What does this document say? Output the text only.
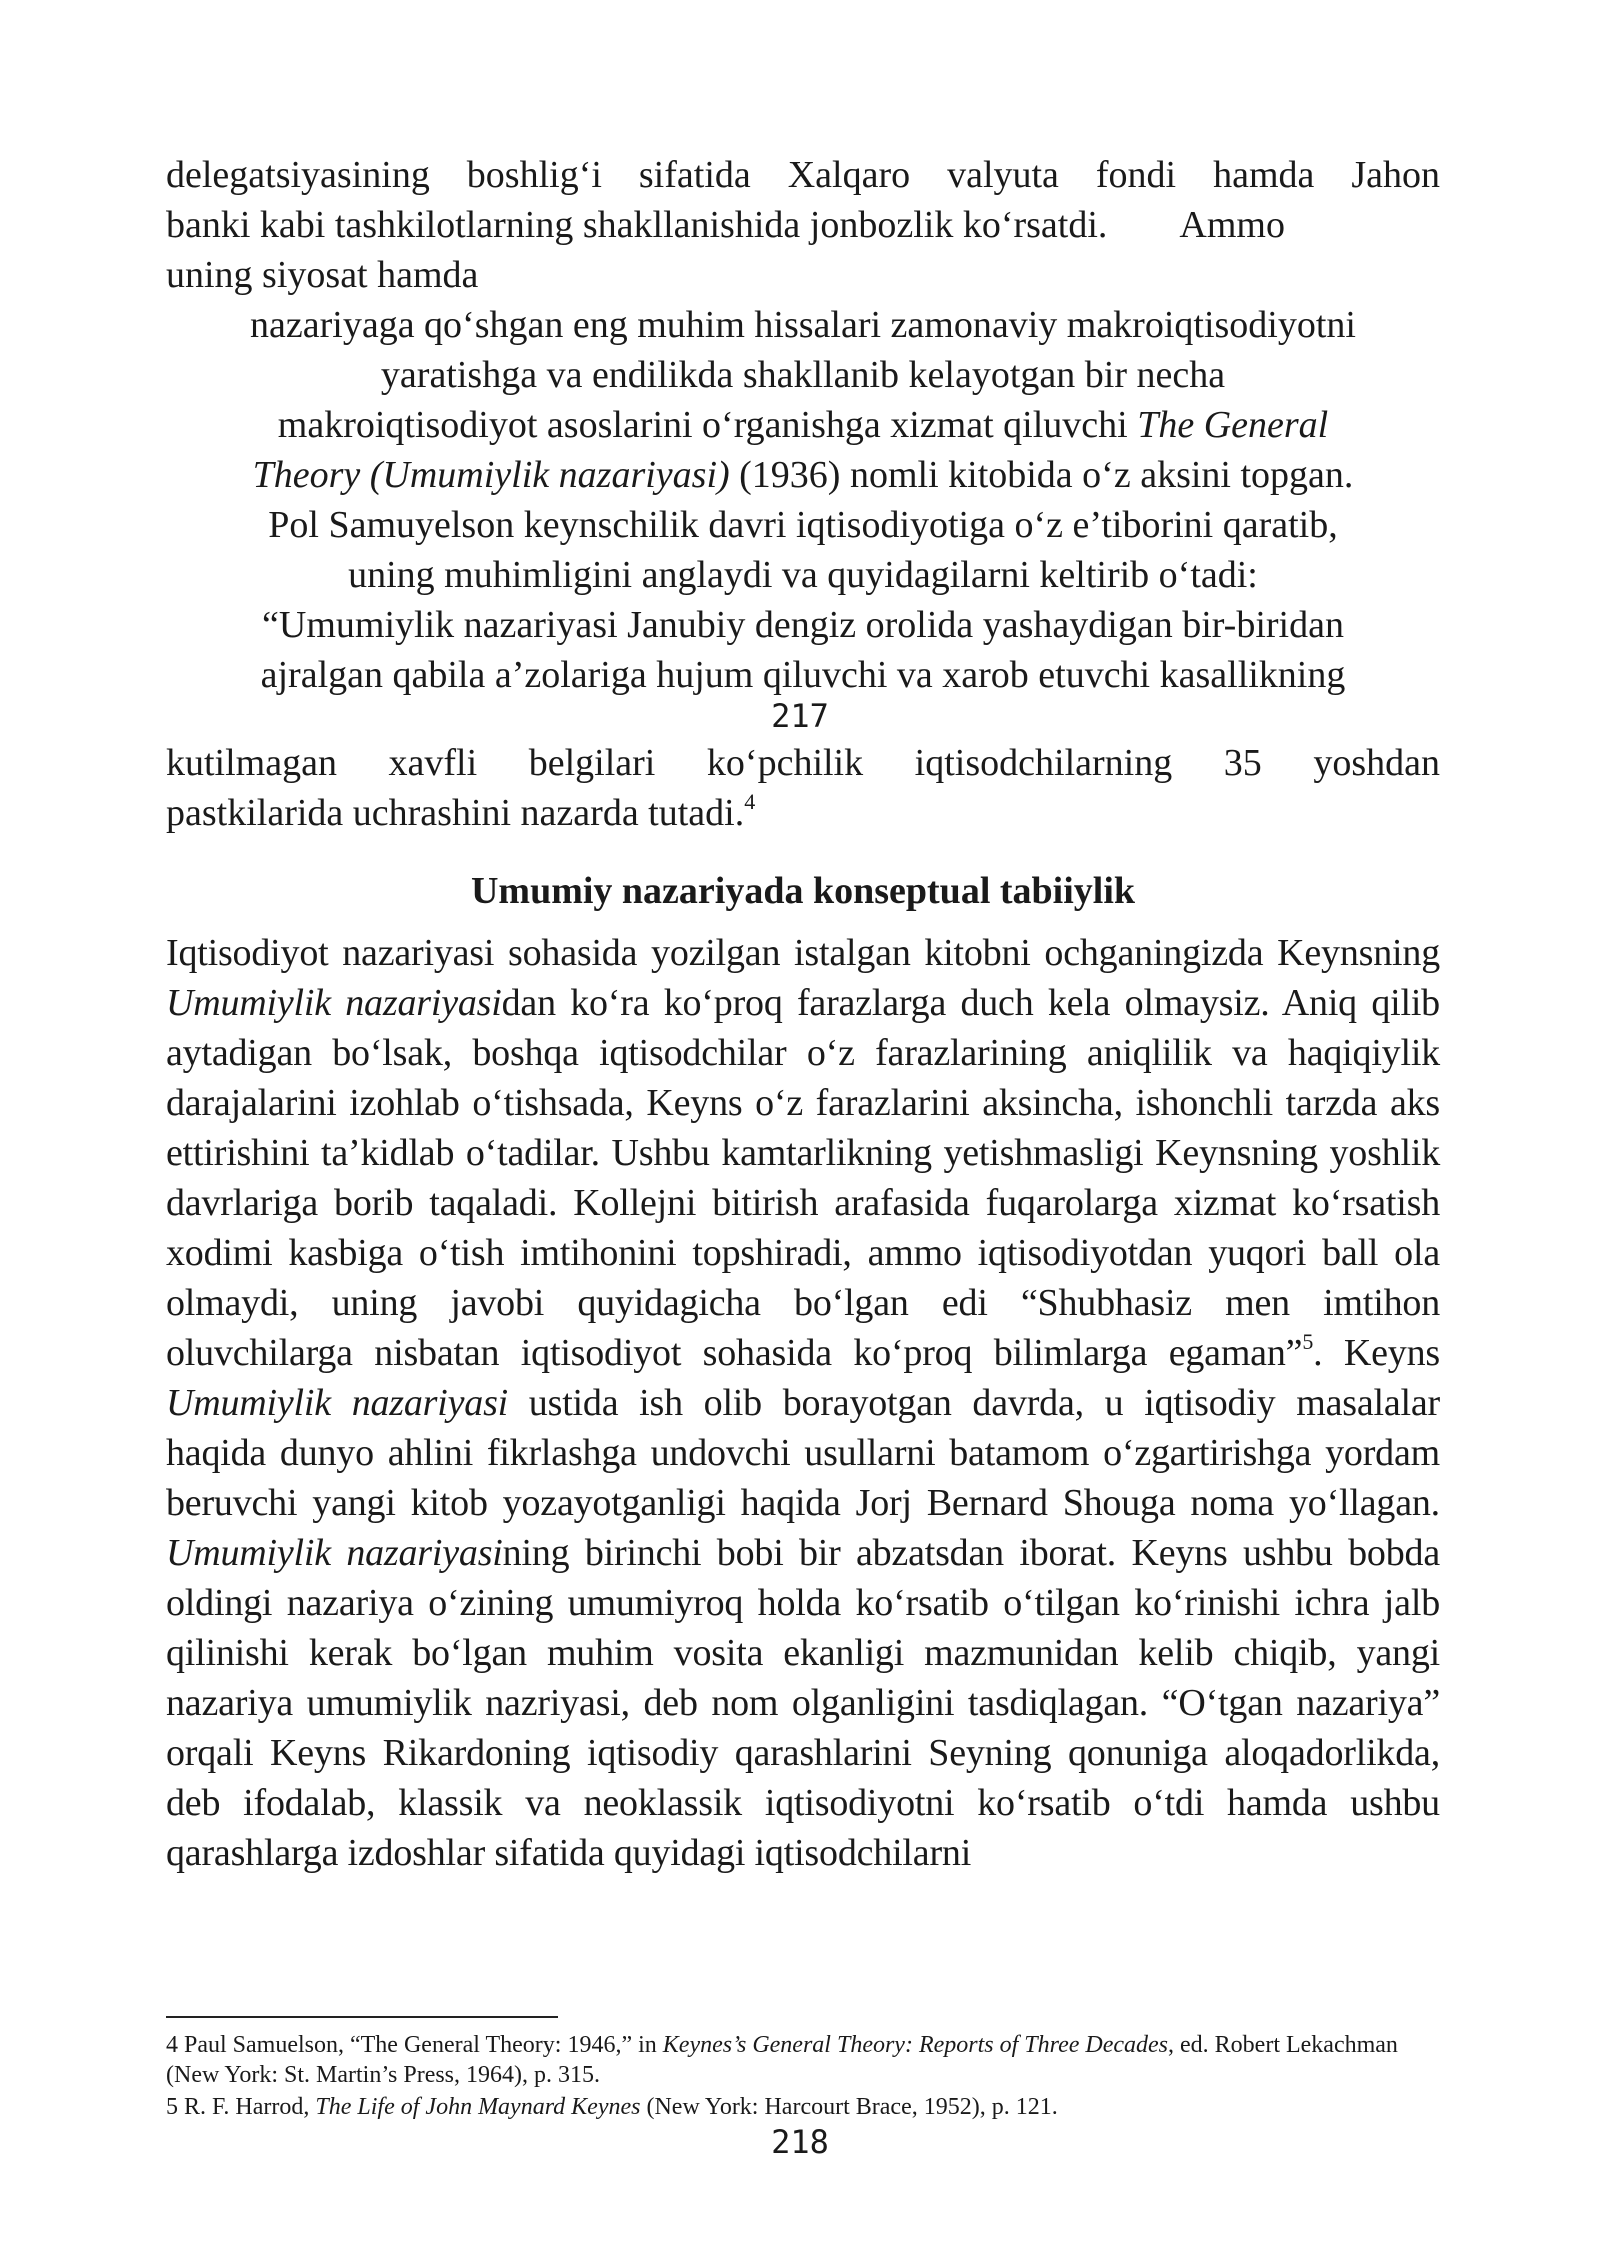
delegatsiyasining boshlig‘i sifatida Xalqaro valyuta fondi hamda Jahon

banki kabi tashkilotlarning shakllanishida jonbozlik ko‘rsatdi. Ammo

uning siyosat hamda

nazariyaga qo‘shgan eng muhim hissalari zamonaviy makroiqtisodiyotni

yaratishga va endilikda shakllanib kelayotgan bir necha

makroiqtisodiyot asoslarini o‘rganishga xizmat qiluvchi The General

Theory (Umumiylik nazariyasi) (1936) nomli kitobida o‘z aksini topgan.

Pol Samuyelson keynschilik davri iqtisodiyotiga o‘z e’tiborini qaratib,

uning muhimligini anglaydi va quyidagilarni keltirib o‘tadi:

“Umumiylik nazariyasi Janubiy dengiz orolida yashaydigan bir-biridan

ajralgan qabila a’zolariga hujum qiluvchi va xarob etuvchi kasallikning

217

kutilmagan xavfli belgilari ko‘pchilik iqtisodchilarning 35 yoshdan

pastkilarida uchrashini nazarda tutadi.$^4$

Umumiy nazariyada konseptual tabiiylik

Iqtisodiyot nazariyasi sohasida yozilgan istalgan kitobni ochganingizda Keynsning Umumiylik nazariyasidan ko‘ra ko‘proq farazlarga duch kela olmaysiz. Aniq qilib aytadigan bo‘lsak, boshqa iqtisodchilar o‘z farazlarining aniqlilik va haqiqiylik darajalarini izohlab o‘tishsada, Keyns o‘z farazlarini aksincha, ishonchli tarzda aks ettirishini ta’kidlab o‘tadilar. Ushbu kamtarlikning yetishmasligi Keynsning yoshlik davrlariga borib taqaladi. Kollejni bitirish arafasida fuqarolarga xizmat ko‘rsatish xodimi kasbiga o‘tish imtihonini topshiradi, ammo iqtisodiyotdan yuqori ball ola olmaydi, uning javobi quyidagicha bo‘lgan edi “Shubhasiz men imtihon oluvchilarga nisbatan iqtisodiyot sohasida ko‘proq bilimlarga egaman”$^5$. Keyns Umumiylik nazariyasi ustida ish olib borayotgan davrda, u iqtisodiy masalalar haqida dunyo ahlini fikrlashga undovchi usullarni batamom o‘zgartirishga yordam beruvchi yangi kitob yozayotganligi haqida Jorj Bernard Shouga noma yo‘llagan. Umumiylik nazariyasining birinchi bobi bir abzatsdan iborat. Keyns ushbu bobda oldingi nazariya o‘zining umumiyroq holda ko‘rsatib o‘tilgan ko‘rinishi ichra jalb qilinishi kerak bo‘lgan muhim vosita ekanligi mazmunidan kelib chiqib, yangi nazariya umumiylik nazriyasi, deb nom olganligini tasdiqlagan. “O‘tgan nazariya” orqali Keyns Rikardoning iqtisodiy qarashlarini Seyning qonuniga aloqadorlikda, deb ifodalab, klassik va neoklassik iqtisodiyotni ko‘rsatib o‘tdi hamda ushbu qarashlarga izdoshlar sifatida quyidagi iqtisodchilarni

4 Paul Samuelson, “The General Theory: 1946,” in Keynes’s General Theory: Reports of Three Decades, ed. Robert Lekachman (New York: St. Martin’s Press, 1964), p. 315.

5 R. F. Harrod, The Life of John Maynard Keynes (New York: Harcourt Brace, 1952), p. 121.

218
